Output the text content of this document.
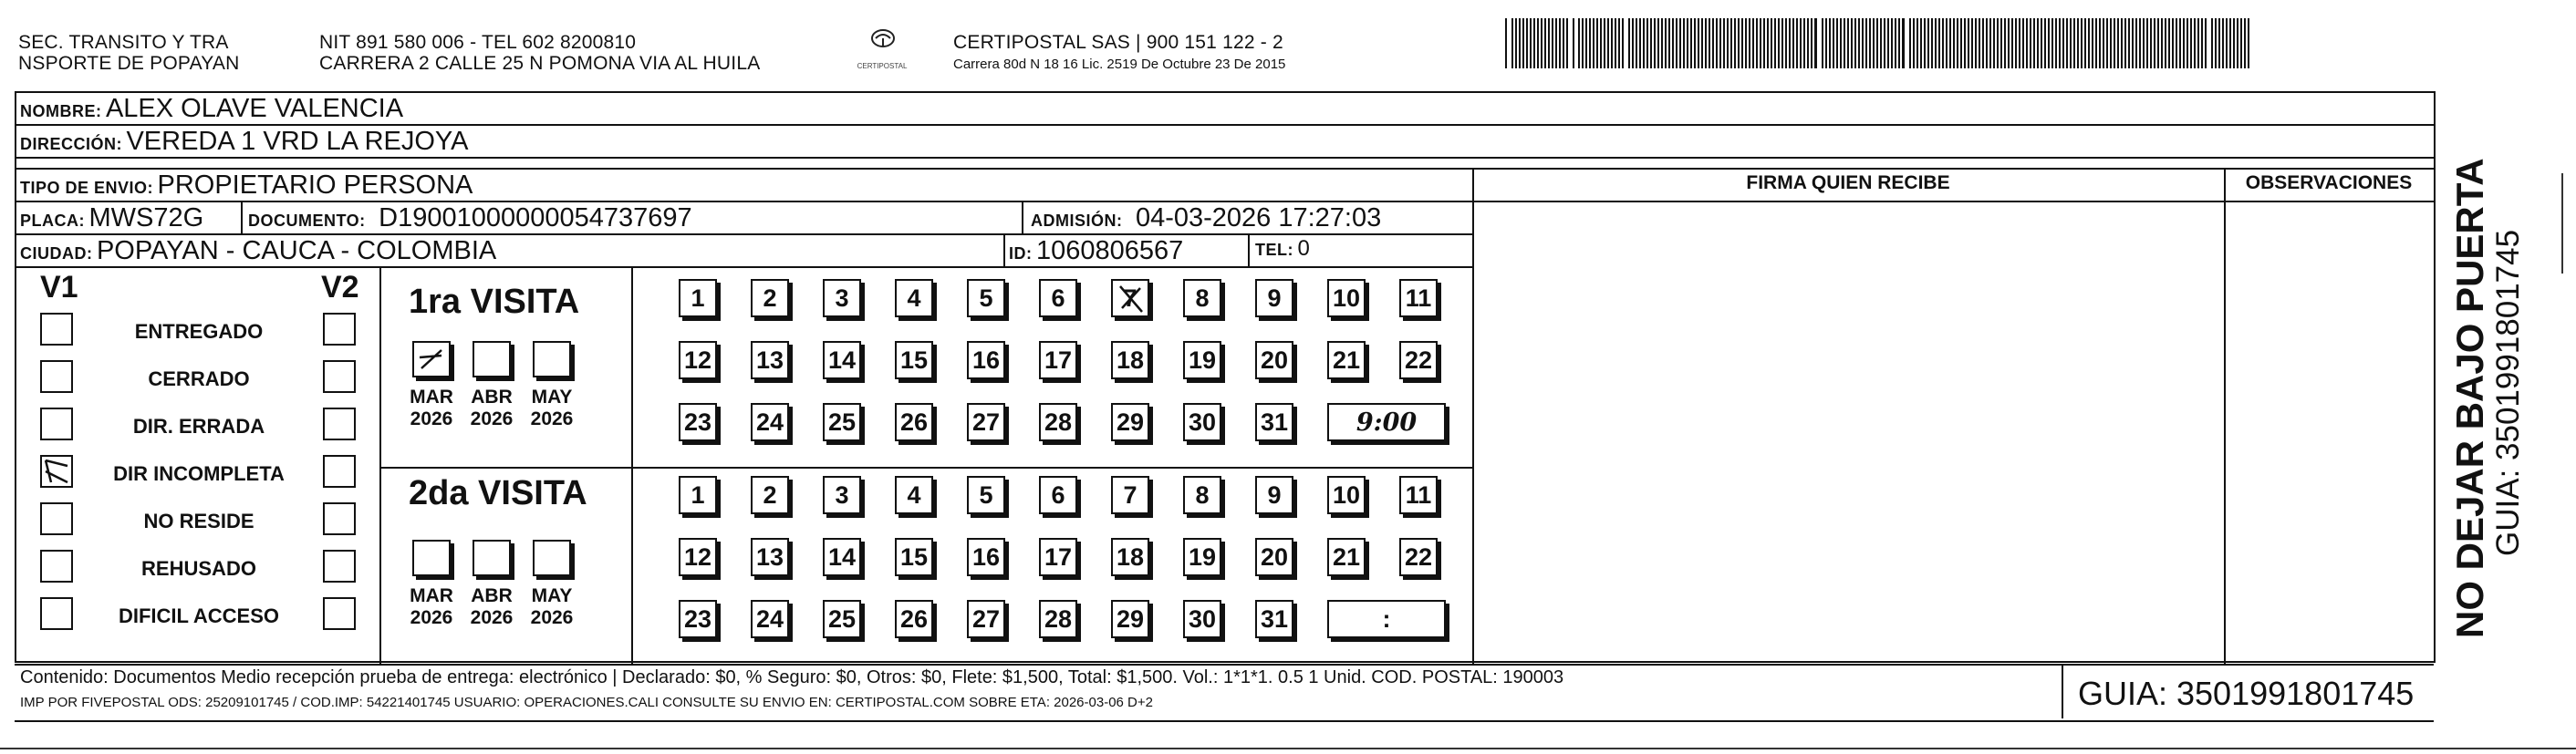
SEC. TRANSITO Y TRA
NSPORTE DE POPAYAN
NIT 891 580 006 - TEL 602 8200810
CARRERA 2 CALLE 25 N POMONA VIA AL HUILA	CERTIPOSTAL
CERTIPOSTAL SAS | 900 151 122 - 2
Carrera 80d N 18 16 Lic. 2519 De Octubre 23 De 2015
NOMBRE: ALEX OLAVE VALENCIA
DIRECCIÓN: VEREDA 1 VRD LA REJOYA
TIPO DE ENVIO: PROPIETARIO PERSONA	FIRMA QUIEN RECIBE	OBSERVACIONES
PLACA: MWS72G	DOCUMENTO: D19001000000054737697	ADMISIÓN: 04-03-2026 17:27:03
CIUDAD: POPAYAN - CAUCA - COLOMBIA	ID: 1060806567	TEL: 0
V1	V2
ENTREGADO
CERRADO
DIR. ERRADA
DIR INCOMPLETA
NO RESIDE
REHUSADO
DIFICIL ACCESO
1ra VISITA
2da VISITA
MAR
2026
ABR
2026
MAY
2026
MAR
2026
ABR
2026
MAY
2026
1 2 3 4 5 6 7 8 9 10 11
12 13 14 15 16 17 18 19 20 21 22
23 24 25 26 27 28 29 30 31	9:00
1 2 3 4 5 6 7 8 9 10 11
12 13 14 15 16 17 18 19 20 21 22
23 24 25 26 27 28 29 30 31	:
Contenido: Documentos Medio recepción prueba de entrega: electrónico | Declarado: $0, % Seguro: $0, Otros: $0, Flete: $1,500, Total: $1,500. Vol.: 1*1*1. 0.5 1 Unid. COD. POSTAL: 190003
IMP POR FIVEPOSTAL ODS: 25209101745 / COD.IMP: 54221401745 USUARIO: OPERACIONES.CALI CONSULTE SU ENVIO EN: CERTIPOSTAL.COM SOBRE ETA: 2026-03-06 D+2	GUIA: 3501991801745
NO DEJAR BAJO PUERTA GUIA: 3501991801745
